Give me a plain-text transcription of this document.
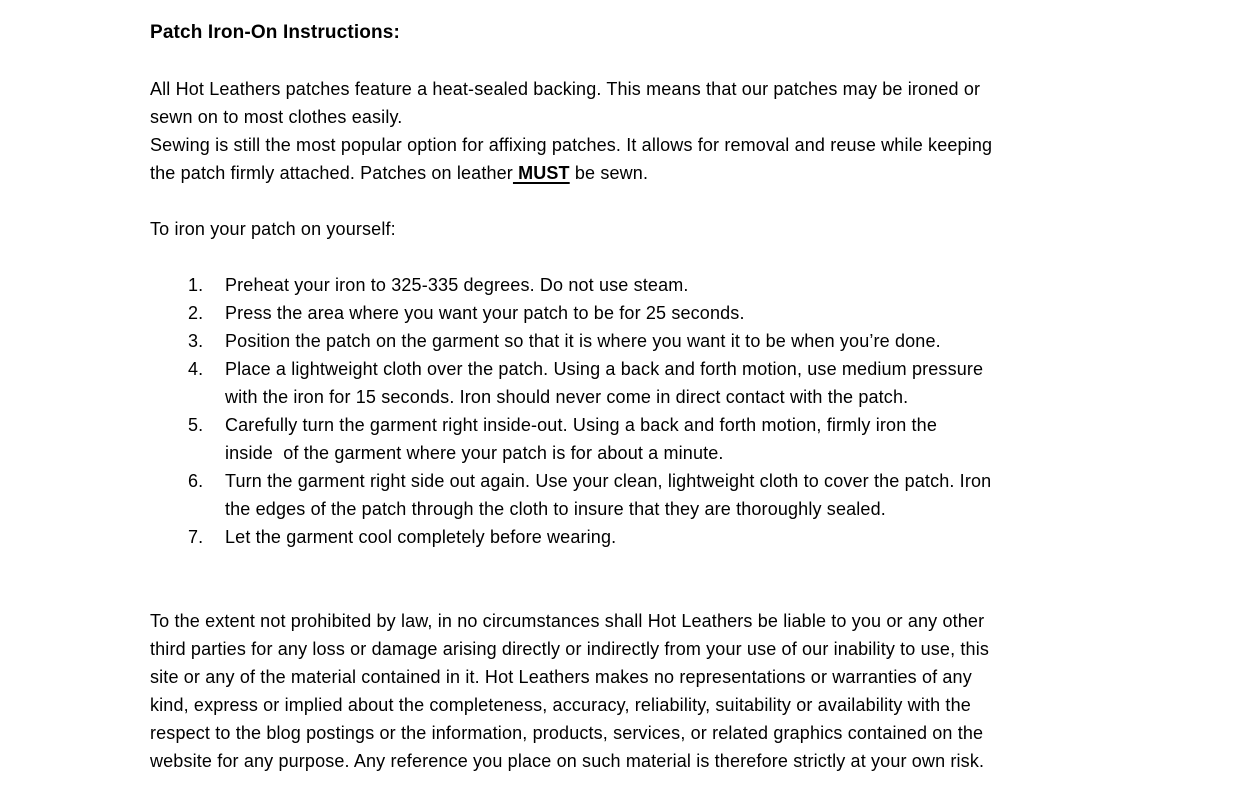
Patch Iron-On Instructions:

All Hot Leathers patches feature a heat-sealed backing. This means that our patches may be ironed or

sewn on to most clothes easily.

Sewing is still the most popular option for affixing patches. It allows for removal and reuse while keeping

the patch firmly attached. Patches on leather MUST be sewn.

To iron your patch on yourself:

1.	Preheat your iron to 325-335 degrees. Do not use steam.

2.	Press the area where you want your patch to be for 25 seconds.

3.	Position the patch on the garment so that it is where you want it to be when you’re done.

4.	Place a lightweight cloth over the patch. Using a back and forth motion, use medium pressure

with the iron for 15 seconds. Iron should never come in direct contact with the patch.

5.	Carefully turn the garment right inside-out. Using a back and forth motion, firmly iron the

inside  of the garment where your patch is for about a minute.

6.	Turn the garment right side out again. Use your clean, lightweight cloth to cover the patch. Iron

the edges of the patch through the cloth to insure that they are thoroughly sealed.

7.	Let the garment cool completely before wearing.

To the extent not prohibited by law, in no circumstances shall Hot Leathers be liable to you or any other

third parties for any loss or damage arising directly or indirectly from your use of our inability to use, this

site or any of the material contained in it. Hot Leathers makes no representations or warranties of any

kind, express or implied about the completeness, accuracy, reliability, suitability or availability with the

respect to the blog postings or the information, products, services, or related graphics contained on the

website for any purpose. Any reference you place on such material is therefore strictly at your own risk.
